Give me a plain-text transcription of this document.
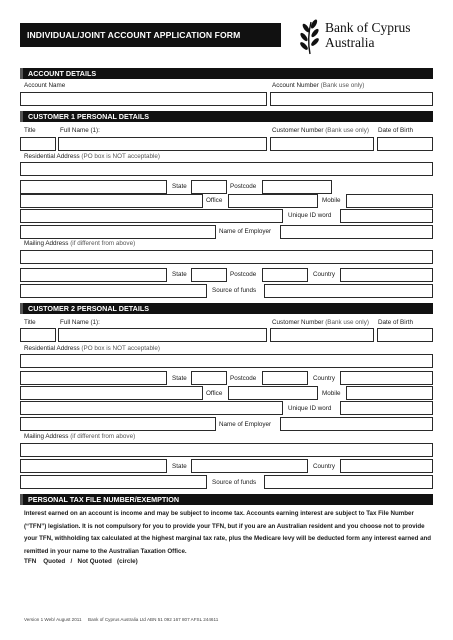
INDIVIDUAL/JOINT ACCOUNT APPLICATION FORM	Bank of Cyprus
Australia
ACCOUNT DETAILS
Account Name	Account Number (Bank use only)
CUSTOMER 1 PERSONAL DETAILS
Title	Full Name (1):	Customer Number (Bank use only) Date of Birth
Residential Address (PO box is NOT acceptable)
State	Postcode
Office	Mobile
Unique ID word
Name of Employer
Mailing Address (if different from above)
State	Postcode	Country
Source of funds
CUSTOMER 2 PERSONAL DETAILS
Title	Full Name (1):	Customer Number (Bank use only) Date of Birth
Residential Address (PO box is NOT acceptable)
State	Postcode	Country
Office	Mobile
Unique ID word
Name of Employer
Mailing Address (if different from above)
State	Country
Source of funds
PERSONAL TAX FILE NUMBER/EXEMPTION
Interest earned on an account is income and may be subject to income tax. Accounts earning interest are subject to Tax File Number (“TFN”) legislation. It is not compulsory for you to provide your TFN, but if you are an Australian resident and you choose not to provide your TFN, withholding tax calculated at the highest marginal tax rate, plus the Medicare levy will be deducted form any interest earned and remitted in your name to the Australian Taxation Office.
TFN    Quoted   /   Not Quoted   (circle)
Version 1 Web/ August 2011 Bank of Cyprus Australia Ltd ABN 51 092 167 807 AFSL 244611
